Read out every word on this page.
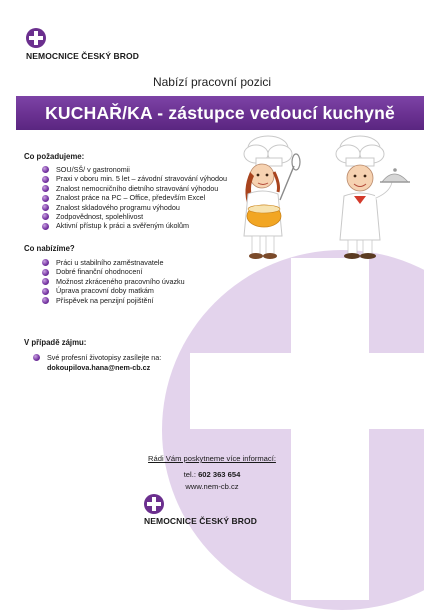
NEMOCNICE ČESKÝ BROD
Nabízí pracovní pozici
KUCHAŘ/KA - zástupce vedoucí kuchyně
Co požadujeme:
SOU/SŠ/ v gastronomii
Praxi v oboru min. 5 let – závodní stravování výhodou
Znalost nemocničního dietního stravování výhodou
Znalost práce na PC – Office, především Excel
Znalost skladového programu výhodou
Zodpovědnost, spolehlivost
Aktivní přístup k práci a svěřeným úkolům
Co nabízíme?
Práci u stabilního zaměstnavatele
Dobré finanční ohodnocení
Možnost zkráceného pracovního úvazku
Úprava pracovní doby matkám
Příspěvek na penzijní pojištění
V případě zájmu:
Své profesní životopisy zasílejte na:
dokoupilova.hana@nem-cb.cz
Rádi Vám poskytneme více informací:
tel.: 602 363 654
www.nem-cb.cz
NEMOCNICE ČESKÝ BROD
